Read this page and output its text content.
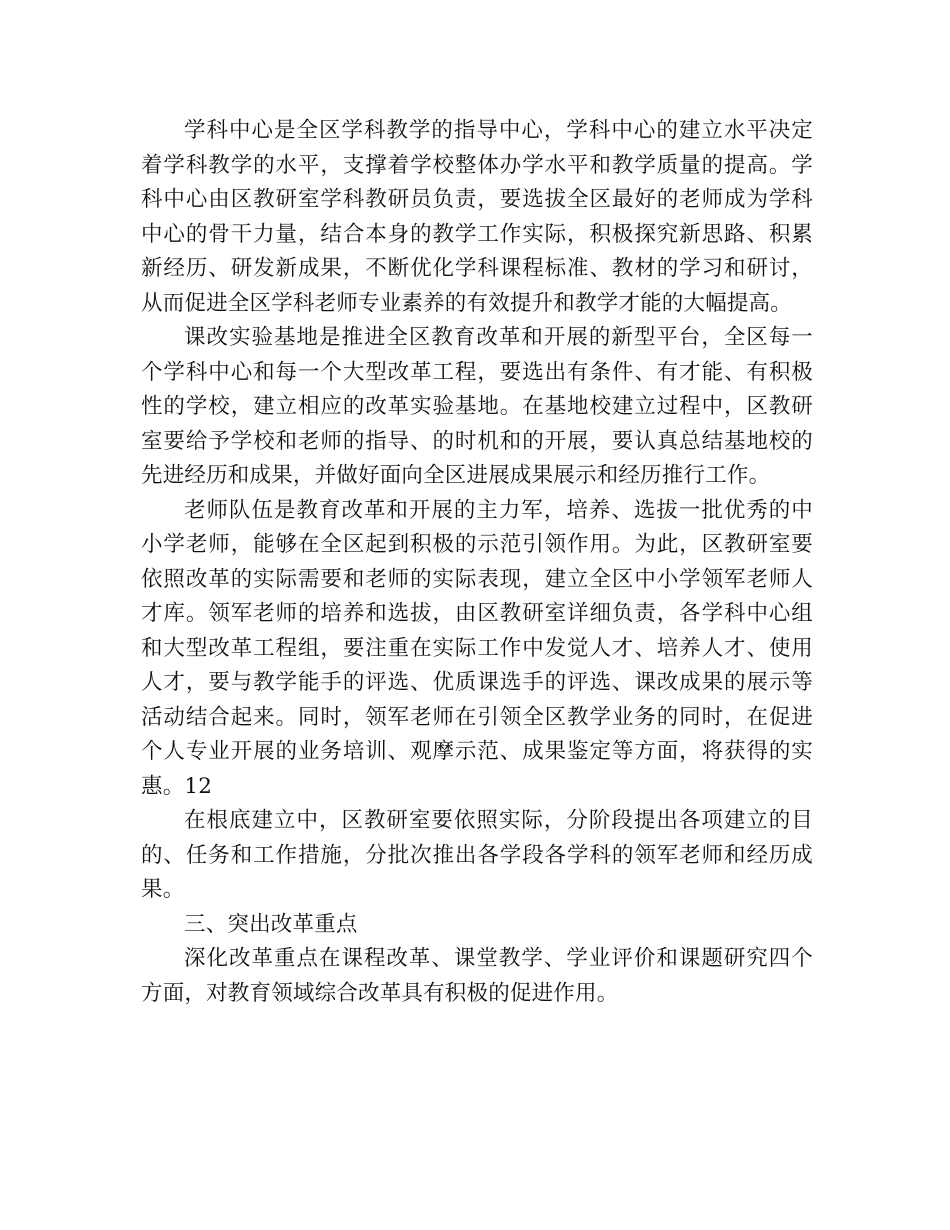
学科中心是全区学科教学的指导中心，学科中心的建立水平决定着学科教学的水平，支撑着学校整体办学水平和教学质量的提高。学科中心由区教研室学科教研员负责，要选拔全区最好的老师成为学科中心的骨干力量，结合本身的教学工作实际，积极探究新思路、积累新经历、研发新成果，不断优化学科课程标准、教材的学习和研讨，从而促进全区学科老师专业素养的有效提升和教学才能的大幅提高。

课改实验基地是推进全区教育改革和开展的新型平台，全区每一个学科中心和每一个大型改革工程，要选出有条件、有才能、有积极性的学校，建立相应的改革实验基地。在基地校建立过程中，区教研室要给予学校和老师的指导、的时机和的开展，要认真总结基地校的先进经历和成果，并做好面向全区进展成果展示和经历推行工作。

老师队伍是教育改革和开展的主力军，培养、选拔一批优秀的中小学老师，能够在全区起到积极的示范引领作用。为此，区教研室要依照改革的实际需要和老师的实际表现，建立全区中小学领军老师人才库。领军老师的培养和选拔，由区教研室详细负责，各学科中心组和大型改革工程组，要注重在实际工作中发觉人才、培养人才、使用人才，要与教学能手的评选、优质课选手的评选、课改成果的展示等活动结合起来。同时，领军老师在引领全区教学业务的同时，在促进个人专业开展的业务培训、观摩示范、成果鉴定等方面，将获得的实惠。12

在根底建立中，区教研室要依照实际，分阶段提出各项建立的目的、任务和工作措施，分批次推出各学段各学科的领军老师和经历成果。

三、突出改革重点

深化改革重点在课程改革、课堂教学、学业评价和课题研究四个方面，对教育领域综合改革具有积极的促进作用。
